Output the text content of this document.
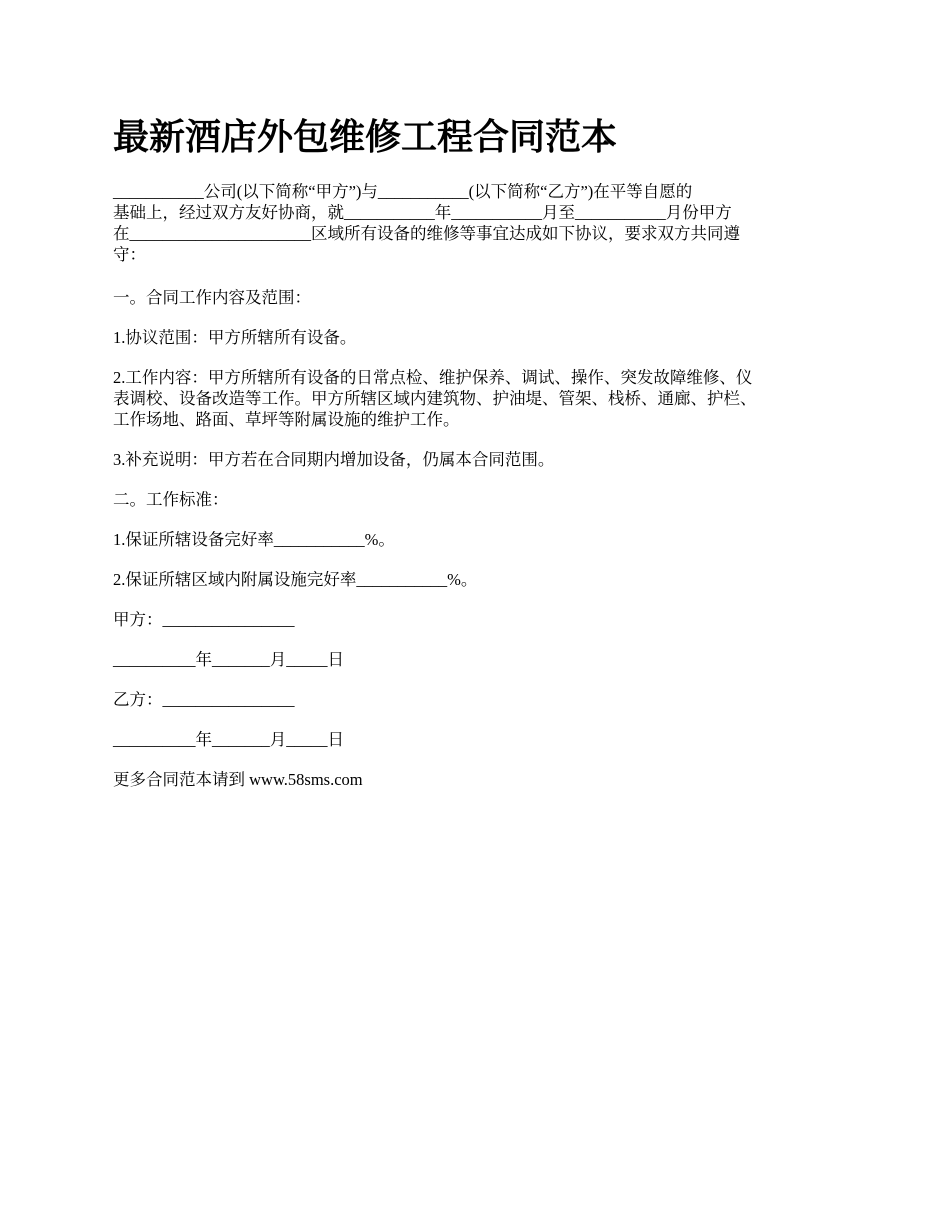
最新酒店外包维修工程合同范本
___________公司(以下简称“甲方”)与___________(以下简称“乙方”)在平等自愿的
基础上，经过双方友好协商，就___________年___________月至___________月份甲方
在______________________区域所有设备的维修等事宜达成如下协议，要求双方共同遵
守：

一。合同工作内容及范围：

1.协议范围：甲方所辖所有设备。

2.工作内容：甲方所辖所有设备的日常点检、维护保养、调试、操作、突发故障维修、仪
表调校、设备改造等工作。甲方所辖区域内建筑物、护油堤、管架、栈桥、通廊、护栏、
工作场地、路面、草坪等附属设施的维护工作。

3.补充说明：甲方若在合同期内增加设备，仍属本合同范围。

二。工作标准：

1.保证所辖设备完好率___________%。

2.保证所辖区域内附属设施完好率___________%。

甲方：________________

__________年_______月_____日

乙方：________________

__________年_______月_____日

更多合同范本请到 www.58sms.com
